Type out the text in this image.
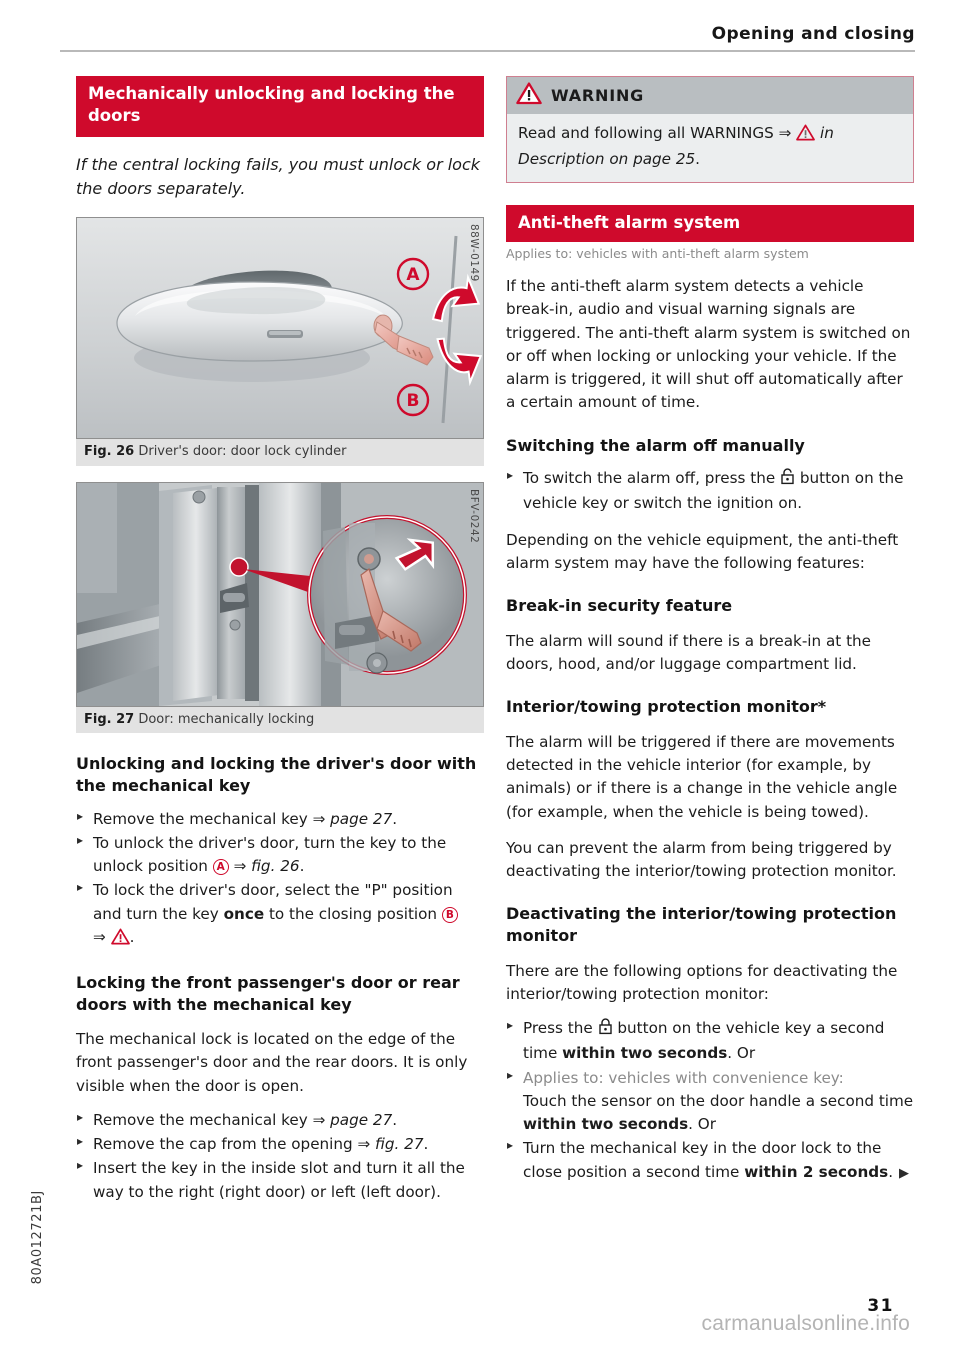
Opening and closing
Mechanically unlocking and locking the doors
If the central locking fails, you must unlock or lock the doors separately.
A
B
88W-0149
Fig. 26 Driver's door: door lock cylinder
BFV-0242
Fig. 27 Door: mechanically locking
Unlocking and locking the driver's door with the mechanical key
▸ Remove the mechanical key ⇒ page 27.
▸ To unlock the driver's door, turn the key to the unlock position A ⇒ fig. 26.
▸ To lock the driver's door, select the "P" position and turn the key once to the closing position B
⇒ .
Locking the front passenger's door or rear doors with the mechanical key

The mechanical lock is located on the edge of the front passenger's door and the rear doors. It is only visible when the door is open.

▸ Remove the mechanical key ⇒ page 27.
▸ Remove the cap from the opening ⇒ fig. 27.
▸ Insert the key in the inside slot and turn it all the way to the right (right door) or left (left door).
WARNING
Read and following all WARNINGS ⇒ in Description on page 25.
Anti-theft alarm system
Applies to: vehicles with anti-theft alarm system

If the anti-theft alarm system detects a vehicle break-in, audio and visual warning signals are triggered. The anti-theft alarm system is switched on or off when locking or unlocking your vehicle. If the alarm is triggered, it will shut off automatically after a certain amount of time.

Switching the alarm off manually
▸ To switch the alarm off, press the  button on the vehicle key or switch the ignition on.

Depending on the vehicle equipment, the anti-theft alarm system may have the following features:

Break-in security feature

The alarm will sound if there is a break-in at the doors, hood, and/or luggage compartment lid.

Interior/towing protection monitor*

The alarm will be triggered if there are movements detected in the vehicle interior (for example, by animals) or if there is a change in the vehicle angle (for example, when the vehicle is being towed).

You can prevent the alarm from being triggered by deactivating the interior/towing protection monitor.

Deactivating the interior/towing protection monitor

There are the following options for deactivating the interior/towing protection monitor:

▸ Press the  button on the vehicle key a second time within two seconds. Or
▸ Applies to: vehicles with convenience key:
Touch the sensor on the door handle a second time within two seconds. Or
▸ Turn the mechanical key in the door lock to the close position a second time within 2 seconds. ▶
80A012721BJ
31
carmanualsonline.info
